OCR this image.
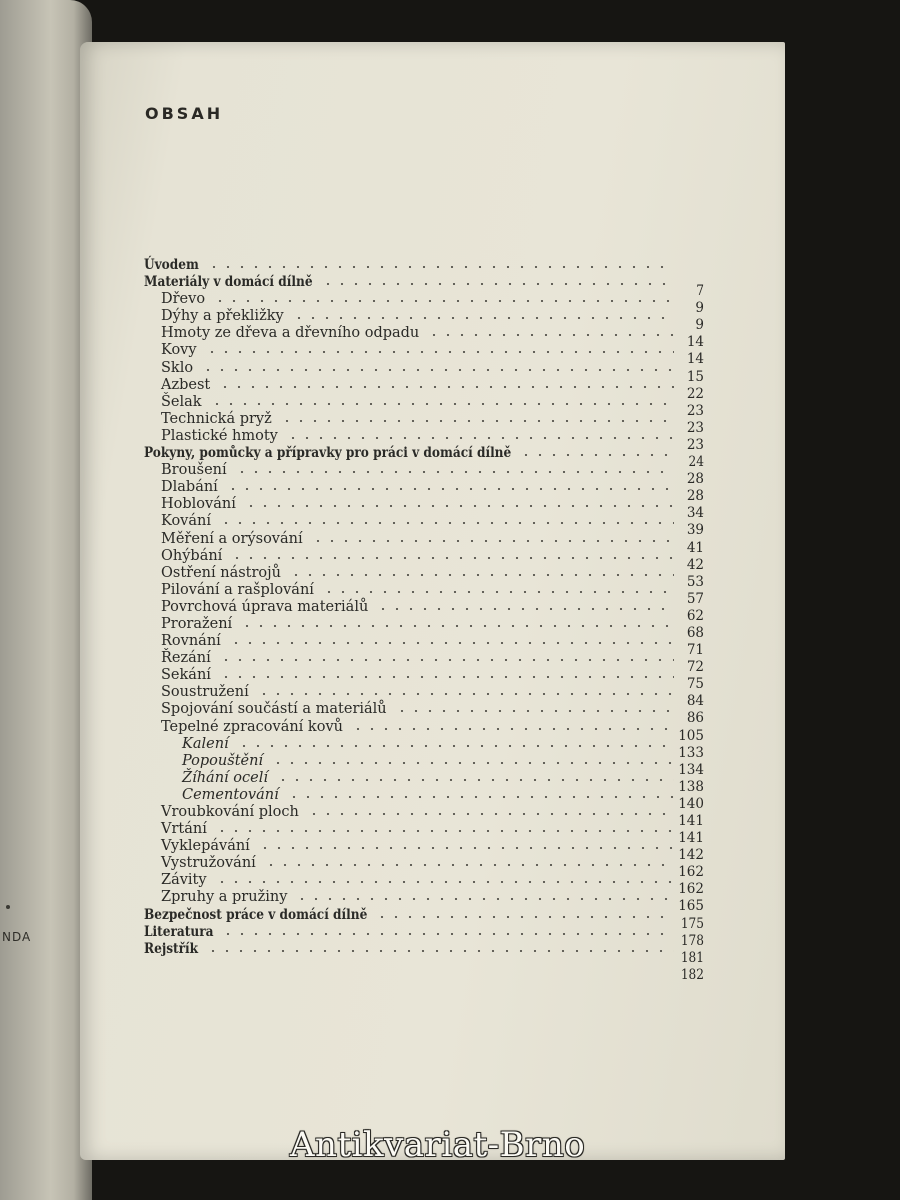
NDA
OBSAH
Úvodem
Materiály v domácí dílně
7
Dřevo
9
Dýhy a překližky
9
Hmoty ze dřeva a dřevního odpadu
14
Kovy
14
Sklo
15
Azbest
22
Šelak
23
Technická pryž
23
Plastické hmoty
23
Pokyny, pomůcky a přípravky pro práci v domácí dílně
24
Broušení
28
Dlabání
28
Hoblování
34
Kování
39
Měření a orýsování
41
Ohýbání
42
Ostření nástrojů
53
Pilování a rašplování
57
Povrchová úprava materiálů
62
Proražení
68
Rovnání
71
Řezání
72
Sekání
75
Soustružení
84
Spojování součástí a materiálů
86
Tepelné zpracování kovů
105
Kalení
133
Popouštění
134
Žíhání ocelí
138
Cementování
140
Vroubkování ploch
141
Vrtání
141
Vyklepávání
142
Vystružování
162
Závity
162
Zpruhy a pružiny
165
Bezpečnost práce v domácí dílně
175
Literatura
178
Rejstřík
181
182
Antikvariat-Brno
